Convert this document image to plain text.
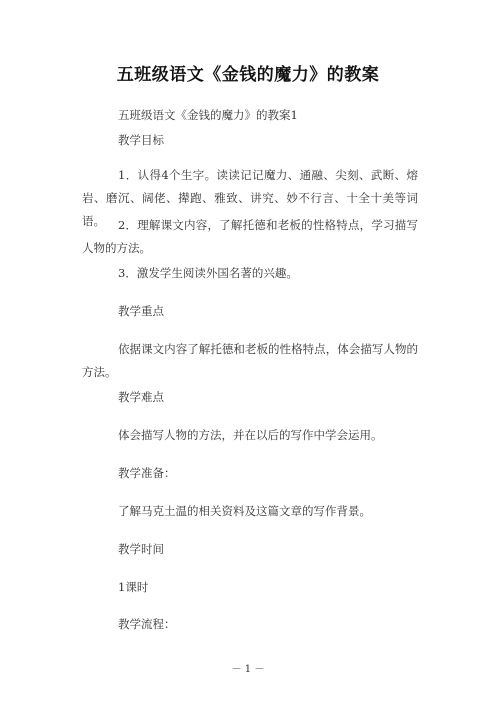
五班级语文《金钱的魔力》的教案
五班级语文《金钱的魔力》的教案1
教学目标
1．认得4个生字。读读记记魔力、通融、尖刻、武断、熔岩、磨沉、阔佬、撵跑、雅致、讲究、妙不行言、十全十美等词语。	2．理解课文内容，了解托德和老板的性格特点，学习描写人物的方法。
3．激发学生阅读外国名著的兴趣。
教学重点
依据课文内容了解托德和老板的性格特点，体会描写人物的方法。
教学难点
体会描写人物的方法，并在以后的写作中学会运用。
教学准备：
了解马克土温的相关资料及这篇文章的写作背景。
教学时间
1课时
教学流程：
－ 1 －
